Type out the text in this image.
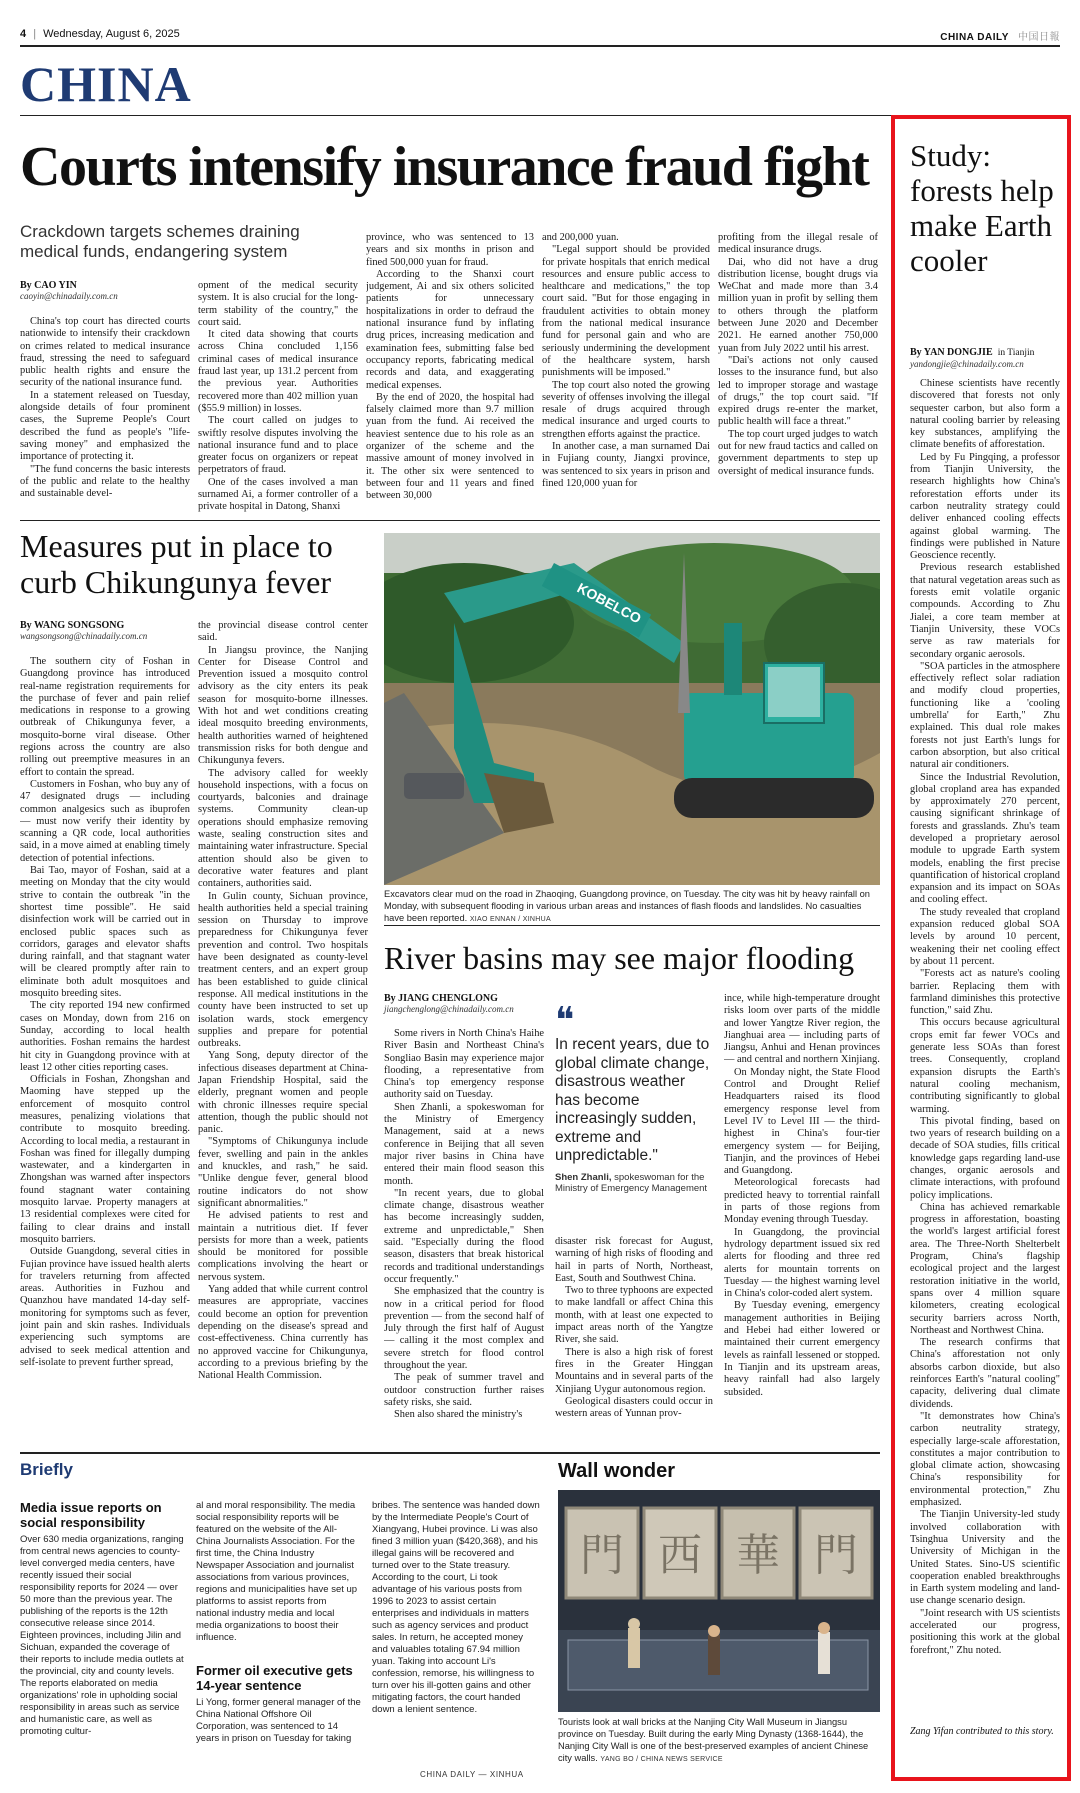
4 | Wednesday, August 6, 2025	CHINA DAILY 中国日報
CHINA
Courts intensify insurance fraud fight
Crackdown targets schemes draining medical funds, endangering system
By CAO YIN
caoyin@chinadaily.com.cn

China's top court has directed courts nationwide to intensify their crackdown on crimes related to medical insurance fraud, stressing the need to safeguard public health rights and ensure the security of the national insurance fund.

In a statement released on Tuesday, alongside details of four prominent cases, the Supreme People's Court described the fund as people's "life-saving money" and emphasized the importance of protecting it.

"The fund concerns the basic interests of the public and relate to the healthy and sustainable devel-

opment of the medical security system. It is also crucial for the long-term stability of the country," the court said.

It cited data showing that courts across China concluded 1,156 criminal cases of medical insurance fraud last year, up 131.2 percent from the previous year. Authorities recovered more than 402 million yuan ($55.9 million) in losses.

The court called on judges to swiftly resolve disputes involving the national insurance fund and to place greater focus on organizers or repeat perpetrators of fraud.

One of the cases involved a man surnamed Ai, a former controller of a private hospital in Datong, Shanxi

province, who was sentenced to 13 years and six months in prison and fined 500,000 yuan for fraud.

According to the Shanxi court judgement, Ai and six others solicited patients for unnecessary hospitalizations in order to defraud the national insurance fund by inflating drug prices, increasing medication and examination fees, submitting false bed occupancy reports, fabricating medical records and data, and exaggerating medical expenses.

By the end of 2020, the hospital had falsely claimed more than 9.7 million yuan from the fund. Ai received the heaviest sentence due to his role as an organizer of the scheme and the massive amount of money involved in it. The other six were sentenced to between four and 11 years and fined between 30,000

and 200,000 yuan.

"Legal support should be provided for private hospitals that enrich medical resources and ensure public access to healthcare and medications," the top court said. "But for those engaging in fraudulent activities to obtain money from the national medical insurance fund for personal gain and who are seriously undermining the development of the healthcare system, harsh punishments will be imposed."

The top court also noted the growing severity of offenses involving the illegal resale of drugs acquired through medical insurance and urged courts to strengthen efforts against the practice.

In another case, a man surnamed Dai in Fujiang county, Jiangxi province, was sentenced to six years in prison and fined 120,000 yuan for

profiting from the illegal resale of medical insurance drugs.

Dai, who did not have a drug distribution license, bought drugs via WeChat and made more than 3.4 million yuan in profit by selling them to others through the platform between June 2020 and December 2021. He earned another 750,000 yuan from July 2022 until his arrest.

"Dai's actions not only caused losses to the insurance fund, but also led to improper storage and wastage of drugs," the top court said. "If expired drugs re-enter the market, public health will face a threat."

The top court urged judges to watch out for new fraud tactics and called on government departments to step up oversight of medical insurance funds.

Measures put in place to curb Chikungunya fever
By WANG SONGSONG
wangsongsong@chinadaily.com.cn

The southern city of Foshan in Guangdong province has introduced real-name registration requirements for the purchase of fever and pain relief medications in response to a growing outbreak of Chikungunya fever, a mosquito-borne viral disease. Other regions across the country are also rolling out preemptive measures in an effort to contain the spread.

Customers in Foshan, who buy any of 47 designated drugs — including common analgesics such as ibuprofen — must now verify their identity by scanning a QR code, local authorities said, in a move aimed at enabling timely detection of potential infections.

Bai Tao, mayor of Foshan, said at a meeting on Monday that the city would strive to contain the outbreak "in the shortest time possible". He said disinfection work will be carried out in enclosed public spaces such as corridors, garages and elevator shafts during rainfall, and that stagnant water will be cleared promptly after rain to eliminate both adult mosquitoes and mosquito breeding sites.

The city reported 194 new confirmed cases on Monday, down from 216 on Sunday, according to local health authorities. Foshan remains the hardest hit city in Guangdong province with at least 12 other cities reporting cases.

Officials in Foshan, Zhongshan and Maoming have stepped up the enforcement of mosquito control measures, penalizing violations that contribute to mosquito breeding. According to local media, a restaurant in Foshan was fined for illegally dumping wastewater, and a kindergarten in Zhongshan was warned after inspectors found stagnant water containing mosquito larvae. Property managers at 13 residential complexes were cited for failing to clear drains and install mosquito barriers.

Outside Guangdong, several cities in Fujian province have issued health alerts for travelers returning from affected areas. Authorities in Fuzhou and Quanzhou have mandated 14-day self-monitoring for symptoms such as fever, joint pain and skin rashes. Individuals experiencing such symptoms are advised to seek medical attention and self-isolate to prevent further spread,

the provincial disease control center said.

In Jiangsu province, the Nanjing Center for Disease Control and Prevention issued a mosquito control advisory as the city enters its peak season for mosquito-borne illnesses. With hot and wet conditions creating ideal mosquito breeding environments, health authorities warned of heightened transmission risks for both dengue and Chikungunya fevers.

The advisory called for weekly household inspections, with a focus on courtyards, balconies and drainage systems. Community clean-up operations should emphasize removing waste, sealing construction sites and maintaining water infrastructure. Special attention should also be given to decorative water features and plant containers, authorities said.

In Gulin county, Sichuan province, health authorities held a special training session on Thursday to improve preparedness for Chikungunya fever prevention and control. Two hospitals have been designated as county-level treatment centers, and an expert group has been established to guide clinical response. All medical institutions in the county have been instructed to set up isolation wards, stock emergency supplies and prepare for potential outbreaks.

Yang Song, deputy director of the infectious diseases department at China-Japan Friendship Hospital, said the elderly, pregnant women and people with chronic illnesses require special attention, though the public should not panic.

"Symptoms of Chikungunya include fever, swelling and pain in the ankles and knuckles, and rash," he said. "Unlike dengue fever, general blood routine indicators do not show significant abnormalities."

He advised patients to rest and maintain a nutritious diet. If fever persists for more than a week, patients should be monitored for possible complications involving the heart or nervous system.

Yang added that while current control measures are appropriate, vaccines could become an option for prevention depending on the disease's spread and cost-effectiveness. China currently has no approved vaccine for Chikungunya, according to a previous briefing by the National Health Commission.

KOBELCO
Excavators clear mud on the road in Zhaoqing, Guangdong province, on Tuesday. The city was hit by heavy rainfall on Monday, with subsequent flooding in various urban areas and instances of flash floods and landslides. No casualties have been reported. XIAO ENNAN / XINHUA
River basins may see major flooding
By JIANG CHENGLONG
jiangchenglong@chinadaily.com.cn

Some rivers in North China's Haihe River Basin and Northeast China's Songliao Basin may experience major flooding, a representative from China's top emergency response authority said on Tuesday.

Shen Zhanli, a spokeswoman for the Ministry of Emergency Management, said at a news conference in Beijing that all seven major river basins in China have entered their main flood season this month.

"In recent years, due to global climate change, disastrous weather has become increasingly sudden, extreme and unpredictable," Shen said. "Especially during the flood season, disasters that break historical records and traditional understandings occur frequently."

She emphasized that the country is now in a critical period for flood prevention — from the second half of July through the first half of August — calling it the most complex and severe stretch for flood control throughout the year.

The peak of summer travel and outdoor construction further raises safety risks, she said.

Shen also shared the ministry's

❝
In recent years, due to global climate change, disastrous weather has become increasingly sudden, extreme and unpredictable."
Shen Zhanli, spokeswoman for the Ministry of Emergency Management

disaster risk forecast for August, warning of high risks of flooding and hail in parts of North, Northeast, East, South and Southwest China.

Two to three typhoons are expected to make landfall or affect China this month, with at least one expected to impact areas north of the Yangtze River, she said.

There is also a high risk of forest fires in the Greater Hinggan Mountains and in several parts of the Xinjiang Uygur autonomous region.

Geological disasters could occur in western areas of Yunnan prov-

ince, while high-temperature drought risks loom over parts of the middle and lower Yangtze River region, the Jianghuai area — including parts of Jiangsu, Anhui and Henan provinces — and central and northern Xinjiang.

On Monday night, the State Flood Control and Drought Relief Headquarters raised its flood emergency response level from Level IV to Level III — the third-highest in China's four-tier emergency system — for Beijing, Tianjin, and the provinces of Hebei and Guangdong.

Meteorological forecasts had predicted heavy to torrential rainfall in parts of those regions from Monday evening through Tuesday.

In Guangdong, the provincial hydrology department issued six red alerts for flooding and three red alerts for mountain torrents on Tuesday — the highest warning level in China's color-coded alert system.

By Tuesday evening, emergency management authorities in Beijing and Hebei had either lowered or maintained their current emergency levels as rainfall lessened or stopped. In Tianjin and its upstream areas, heavy rainfall had also largely subsided.

Briefly
Media issue reports on social responsibility
Over 630 media organizations, ranging from central news agencies to county-level converged media centers, have recently issued their social responsibility reports for 2024 — over 50 more than the previous year. The publishing of the reports is the 12th consecutive release since 2014. Eighteen provinces, including Jilin and Sichuan, expanded the coverage of their reports to include media outlets at the provincial, city and county levels. The reports elaborated on media organizations' role in upholding social responsibility in areas such as service and humanistic care, as well as promoting cultur-
al and moral responsibility. The media social responsibility reports will be featured on the website of the All-China Journalists Association. For the first time, the China Industry Newspaper Association and journalist associations from various provinces, regions and municipalities have set up platforms to assist reports from national industry media and local media organizations to boost their influence.
Former oil executive gets 14-year sentence
Li Yong, former general manager of the China National Offshore Oil Corporation, was sentenced to 14 years in prison on Tuesday for taking
bribes. The sentence was handed down by the Intermediate People's Court of Xiangyang, Hubei province. Li was also fined 3 million yuan ($420,368), and his illegal gains will be recovered and turned over to the State treasury. According to the court, Li took advantage of his various posts from 1996 to 2023 to assist certain enterprises and individuals in matters such as agency services and product sales. In return, he accepted money and valuables totaling 67.94 million yuan. Taking into account Li's confession, remorse, his willingness to turn over his ill-gotten gains and other mitigating factors, the court handed down a lenient sentence.
CHINA DAILY — XINHUA
Wall wonder
門 西 華 門
Tourists look at wall bricks at the Nanjing City Wall Museum in Jiangsu province on Tuesday. Built during the early Ming Dynasty (1368-1644), the Nanjing City Wall is one of the best-preserved examples of ancient Chinese city walls. YANG BO / CHINA NEWS SERVICE
Study: forests help make Earth cooler
By YAN DONGJIE in Tianjin
yandongjie@chinadaily.com.cn

Chinese scientists have recently discovered that forests not only sequester carbon, but also form a natural cooling barrier by releasing key substances, amplifying the climate benefits of afforestation.

Led by Fu Pingqing, a professor from Tianjin University, the research highlights how China's reforestation efforts under its carbon neutrality strategy could deliver enhanced cooling effects against global warming. The findings were published in Nature Geoscience recently.

Previous research established that natural vegetation areas such as forests emit volatile organic compounds. According to Zhu Jialei, a core team member at Tianjin University, these VOCs serve as raw materials for secondary organic aerosols.

"SOA particles in the atmosphere effectively reflect solar radiation and modify cloud properties, functioning like a 'cooling umbrella' for Earth," Zhu explained. This dual role makes forests not just Earth's lungs for carbon absorption, but also critical natural air conditioners.

Since the Industrial Revolution, global cropland area has expanded by approximately 270 percent, causing significant shrinkage of forests and grasslands. Zhu's team developed a proprietary aerosol module to upgrade Earth system models, enabling the first precise quantification of historical cropland expansion and its impact on SOAs and cooling effect.

The study revealed that cropland expansion reduced global SOA levels by around 10 percent, weakening their net cooling effect by about 11 percent.

"Forests act as nature's cooling barrier. Replacing them with farmland diminishes this protective function," said Zhu.

This occurs because agricultural crops emit far fewer VOCs and generate less SOAs than forest trees. Consequently, cropland expansion disrupts the Earth's natural cooling mechanism, contributing significantly to global warming.

This pivotal finding, based on two years of research building on a decade of SOA studies, fills critical knowledge gaps regarding land-use changes, organic aerosols and climate interactions, with profound policy implications.

China has achieved remarkable progress in afforestation, boasting the world's largest artificial forest area. The Three-North Shelterbelt Program, China's flagship ecological project and the largest restoration initiative in the world, spans over 4 million square kilometers, creating ecological security barriers across North, Northeast and Northwest China.

The research confirms that China's afforestation not only absorbs carbon dioxide, but also reinforces Earth's "natural cooling" capacity, delivering dual climate dividends.

"It demonstrates how China's carbon neutrality strategy, especially large-scale afforestation, constitutes a major contribution to global climate action, showcasing China's responsibility for environmental protection," Zhu emphasized.

The Tianjin University-led study involved collaboration with Tsinghua University and the University of Michigan in the United States. Sino-US scientific cooperation enabled breakthroughs in Earth system modeling and land-use change scenario design.

"Joint research with US scientists accelerated our progress, positioning this work at the global forefront," Zhu noted.

Zang Yifan contributed to this story.
